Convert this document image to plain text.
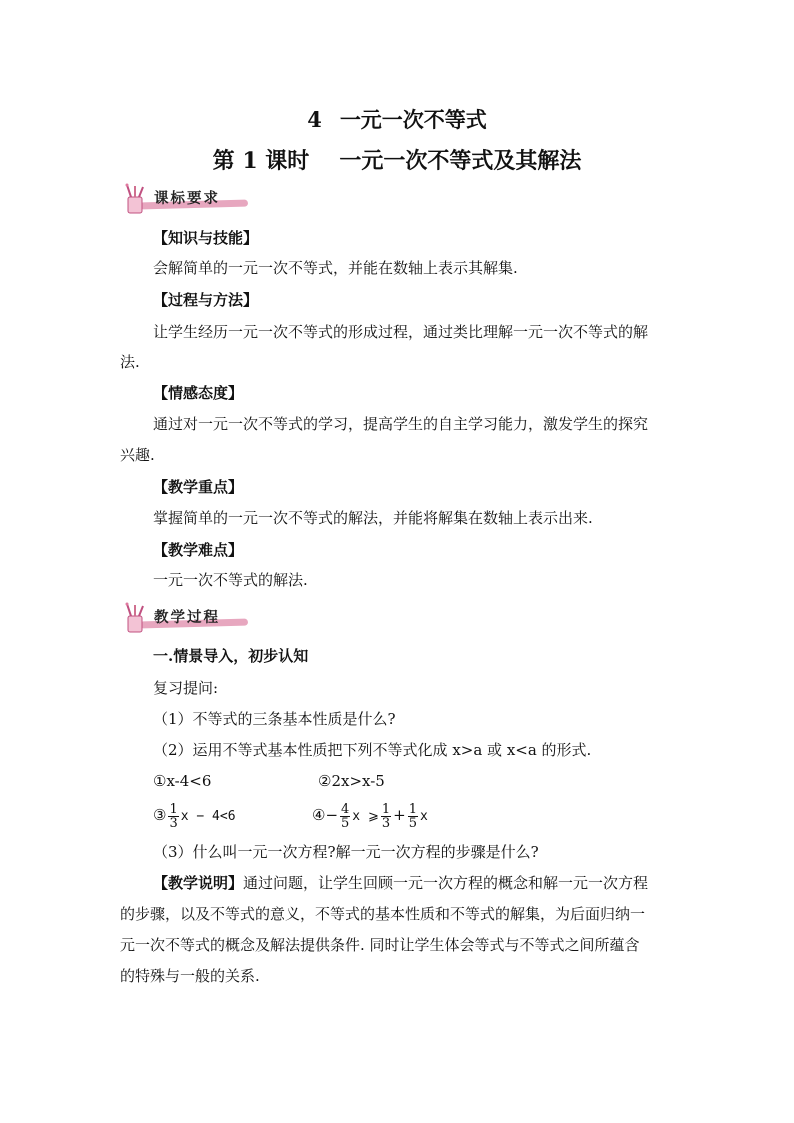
4 一元一次不等式
第 1 课时 一元一次不等式及其解法
课标要求
【知识与技能】
会解简单的一元一次不等式，并能在数轴上表示其解集.
【过程与方法】
让学生经历一元一次不等式的形成过程，通过类比理解一元一次不等式的解
法.
【情感态度】
通过对一元一次不等式的学习，提高学生的自主学习能力，激发学生的探究
兴趣.
【教学重点】
掌握简单的一元一次不等式的解法，并能将解集在数轴上表示出来.
【教学难点】
一元一次不等式的解法.
教学过程
一.情景导入，初步认知
复习提问:
（1）不等式的三条基本性质是什么?
（2）运用不等式基本性质把下列不等式化成 x>a 或 x<a 的形式.
①x-4<6	②2x>x-5
③ $\frac{1}{3}$ x − 4<6	④− $\frac{4}{5}$ x ⩾ $\frac{1}{3} + \frac{1}{5}$ x
（3）什么叫一元一次方程?解一元一次方程的步骤是什么?
【教学说明】通过问题，让学生回顾一元一次方程的概念和解一元一次方程
的步骤，以及不等式的意义，不等式的基本性质和不等式的解集，为后面归纳一
元一次不等式的概念及解法提供条件. 同时让学生体会等式与不等式之间所蕴含
的特殊与一般的关系.
